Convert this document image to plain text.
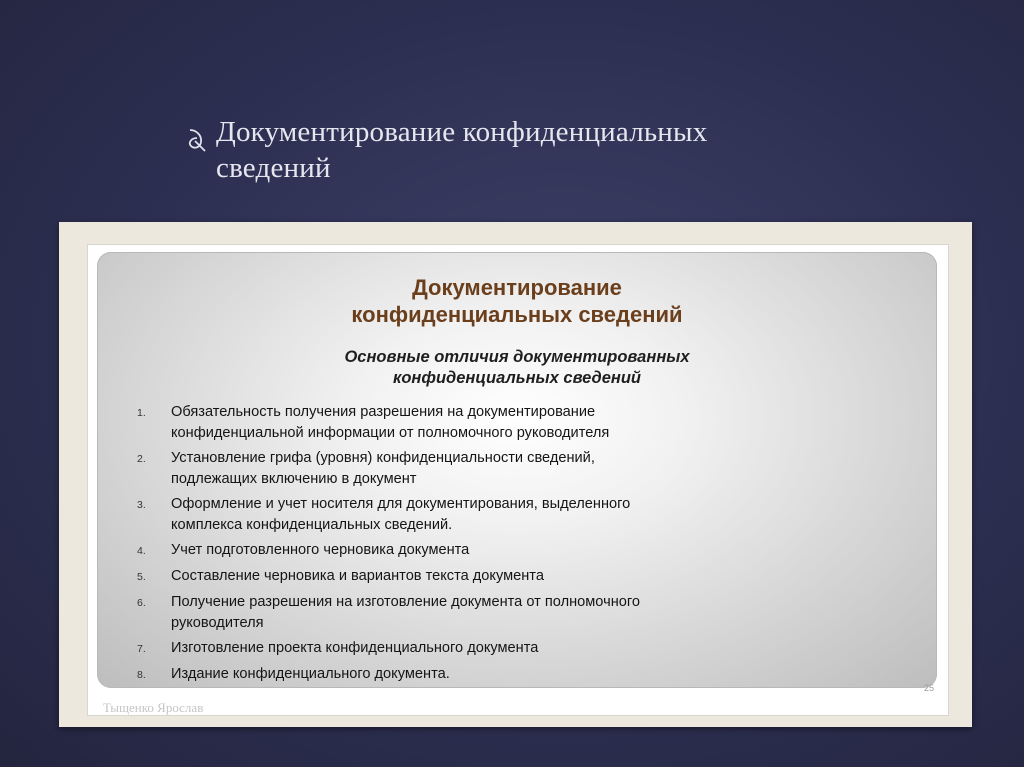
Документирование конфиденциальных
сведений
Документирование
конфиденциальных сведений
Основные отличия документированных
конфиденциальных сведений
1.	Обязательность получения разрешения на документирование
конфиденциальной информации от полномочного руководителя
2.	Установление грифа (уровня) конфиденциальности сведений,
подлежащих включению в документ
3.	Оформление и учет носителя для документирования, выделенного
комплекса конфиденциальных сведений.
4.	Учет подготовленного черновика документа
5.	Составление черновика и вариантов текста документа
6.	Получение разрешения на изготовление документа от полномочного
руководителя
7.	Изготовление проекта конфиденциального документа
8.	Издание конфиденциального документа.
25
Тыщенко Ярослав
